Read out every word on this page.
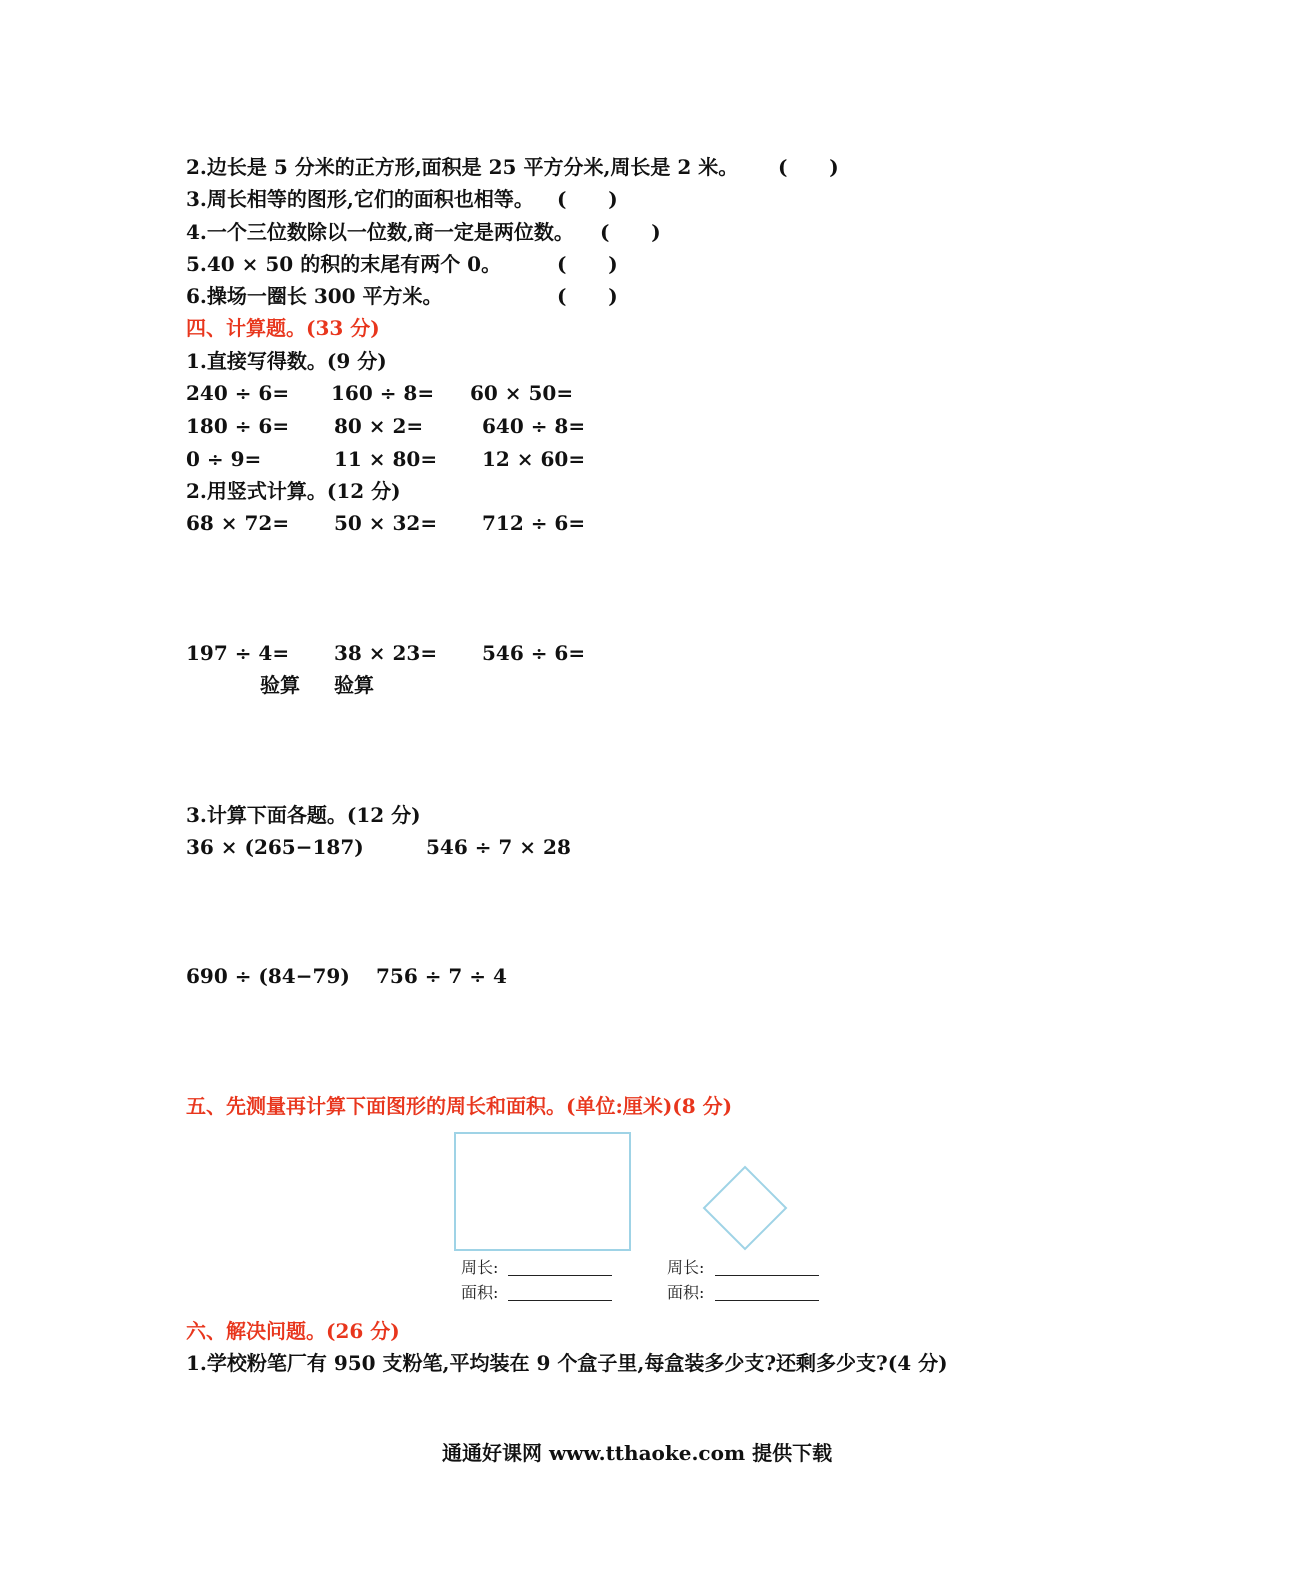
2.边长是 5 分米的正方形,面积是 25 平方分米,周长是 2 米。 (      )
3.周长相等的图形,它们的面积也相等。 (      )
4.一个三位数除以一位数,商一定是两位数。 (      )
5.40 × 50 的积的末尾有两个 0。	(      )
6.操场一圈长 300 平方米。	(      )
四、计算题。(33 分)
1.直接写得数。(9 分)
240 ÷ 6= 160 ÷ 8= 60 × 50=
180 ÷ 6= 80 × 2=	640 ÷ 8=
0 ÷ 9=	11 × 80= 12 × 60=
2.用竖式计算。(12 分)
68 × 72= 50 × 32= 712 ÷ 6=
197 ÷ 4= 38 × 23= 546 ÷ 6=
验算 验算
3.计算下面各题。(12 分)
36 × (265−187)	546 ÷ 7 × 28
690 ÷ (84−79) 756 ÷ 7 ÷ 4
五、先测量再计算下面图形的周长和面积。(单位:厘米)(8 分)
周长:
面积:
周长:
面积:
六、解决问题。(26 分)
1.学校粉笔厂有 950 支粉笔,平均装在 9 个盒子里,每盒装多少支?还剩多少支?(4 分)
通通好课网 www.tthaoke.com 提供下载
